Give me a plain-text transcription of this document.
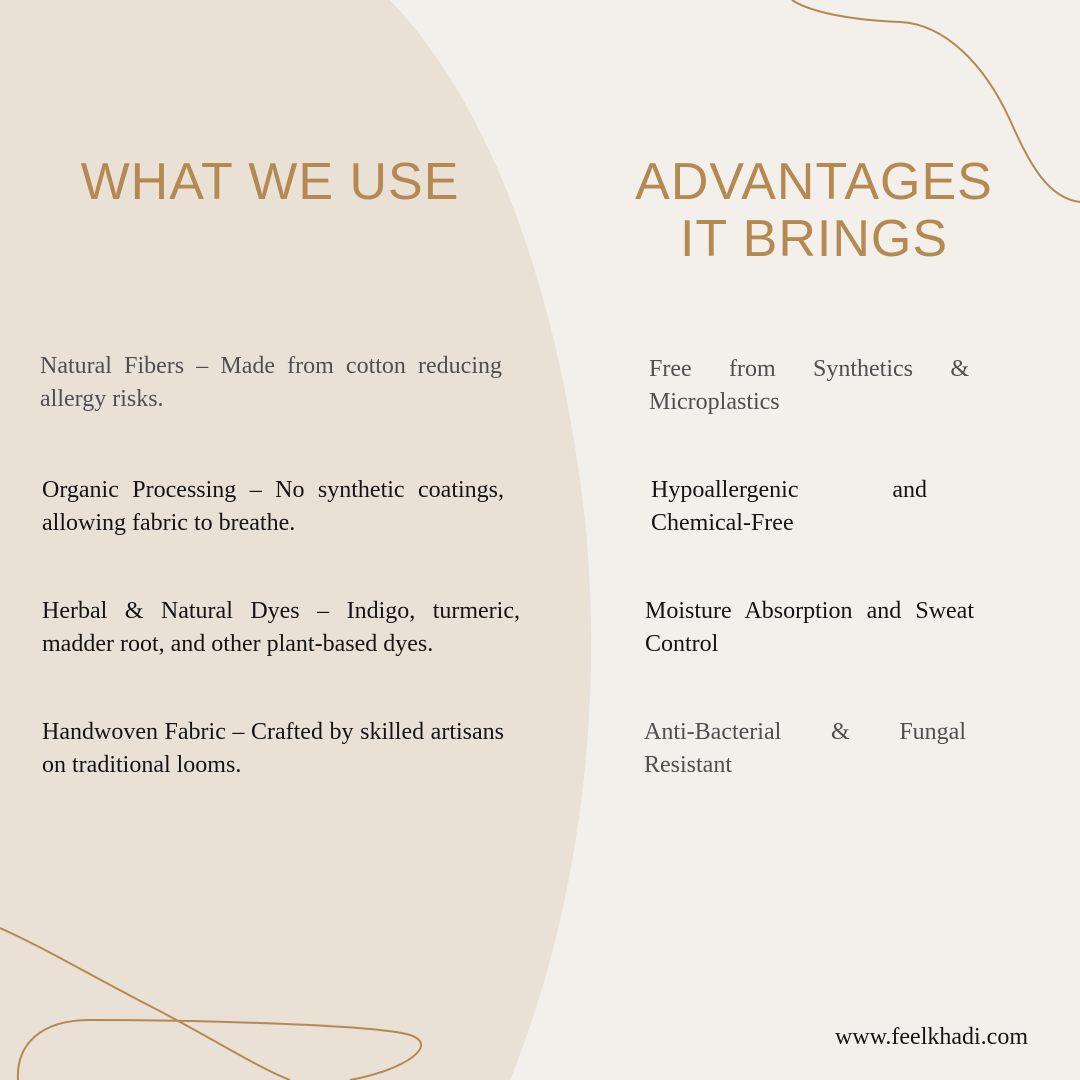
WHAT WE USE	ADVANTAGES
IT BRINGS

Natural Fibers – Made from cotton reducing allergy risks.

Organic Processing – No synthetic coatings, allowing fabric to breathe.

Herbal & Natural Dyes – Indigo, turmeric, madder root, and other plant-based dyes.

Handwoven Fabric – Crafted by skilled artisans on traditional looms.

Free from Synthetics & Microplastics

Hypoallergenic and Chemical-Free

Moisture Absorption and Sweat Control

Anti-Bacterial & Fungal Resistant

www.feelkhadi.com
